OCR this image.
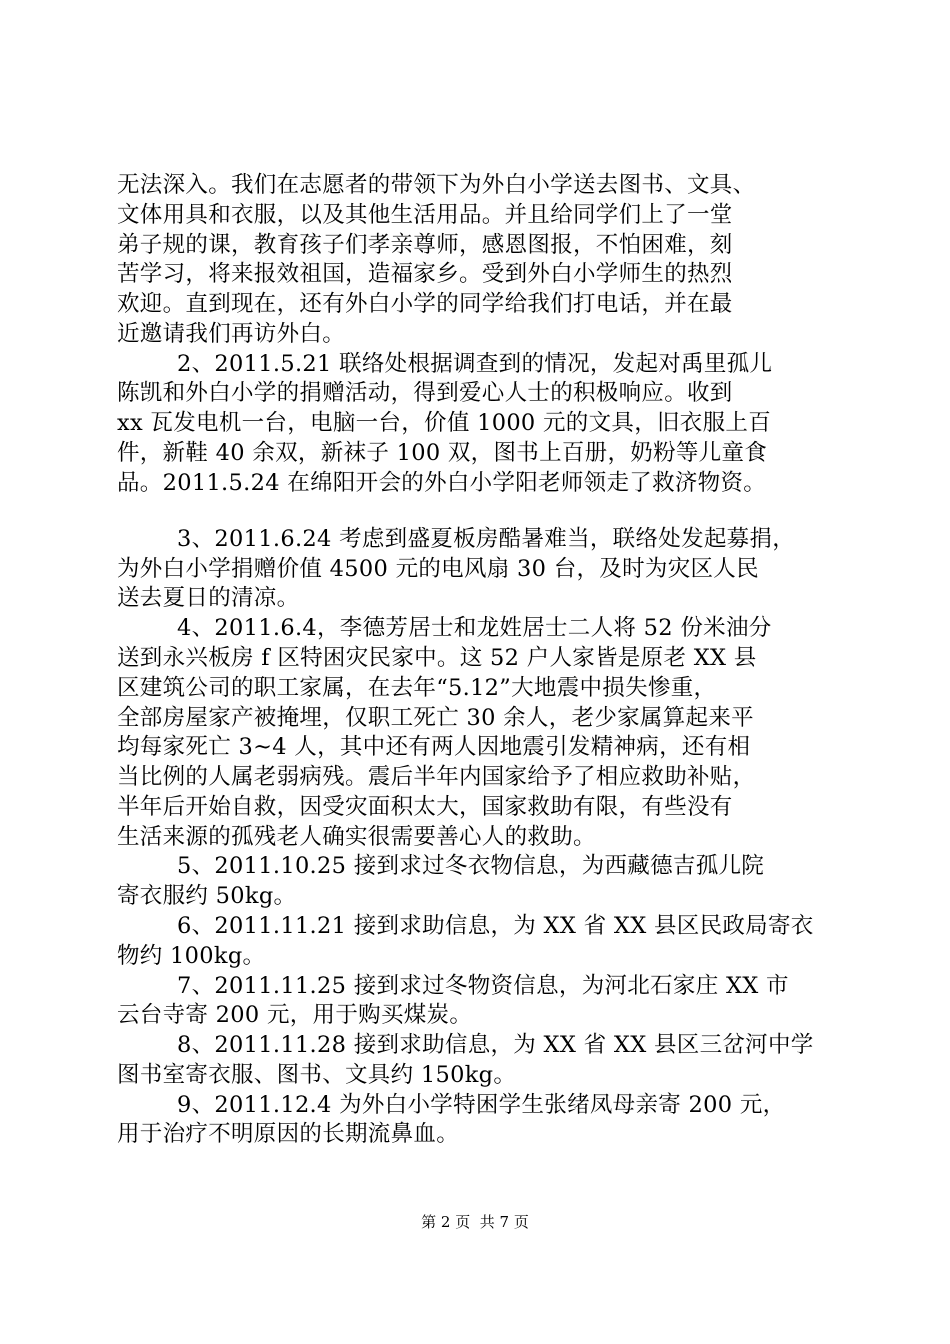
无法深入。我们在志愿者的带领下为外白小学送去图书、文具、
文体用具和衣服，以及其他生活用品。并且给同学们上了一堂
弟子规的课，教育孩子们孝亲尊师，感恩图报，不怕困难，刻
苦学习，将来报效祖国，造福家乡。受到外白小学师生的热烈
欢迎。直到现在，还有外白小学的同学给我们打电话，并在最
近邀请我们再访外白。
2、2011.5.21 联络处根据调查到的情况，发起对禹里孤儿
陈凯和外白小学的捐赠活动，得到爱心人士的积极响应。收到
xx 瓦发电机一台，电脑一台，价值 1000 元的文具，旧衣服上百
件，新鞋 40 余双，新袜子 100 双，图书上百册，奶粉等儿童食
品。2011.5.24 在绵阳开会的外白小学阳老师领走了救济物资。
3、2011.6.24 考虑到盛夏板房酷暑难当，联络处发起募捐，
为外白小学捐赠价值 4500 元的电风扇 30 台，及时为灾区人民
送去夏日的清凉。
4、2011.6.4，李德芳居士和龙姓居士二人将 52 份米油分
送到永兴板房 f 区特困灾民家中。这 52 户人家皆是原老 XX 县
区建筑公司的职工家属，在去年“5.12”大地震中损失惨重，
全部房屋家产被掩埋，仅职工死亡 30 余人，老少家属算起来平
均每家死亡 3~4 人，其中还有两人因地震引发精神病，还有相
当比例的人属老弱病残。震后半年内国家给予了相应救助补贴，
半年后开始自救，因受灾面积太大，国家救助有限，有些没有
生活来源的孤残老人确实很需要善心人的救助。
5、2011.10.25 接到求过冬衣物信息，为西藏德吉孤儿院
寄衣服约 50kg。
6、2011.11.21 接到求助信息，为 XX 省 XX 县区民政局寄衣
物约 100kg。
7、2011.11.25 接到求过冬物资信息，为河北石家庄 XX 市
云台寺寄 200 元，用于购买煤炭。
8、2011.11.28 接到求助信息，为 XX 省 XX 县区三岔河中学
图书室寄衣服、图书、文具约 150kg。
9、2011.12.4 为外白小学特困学生张绪凤母亲寄 200 元，
用于治疗不明原因的长期流鼻血。
第 2 页  共 7 页
